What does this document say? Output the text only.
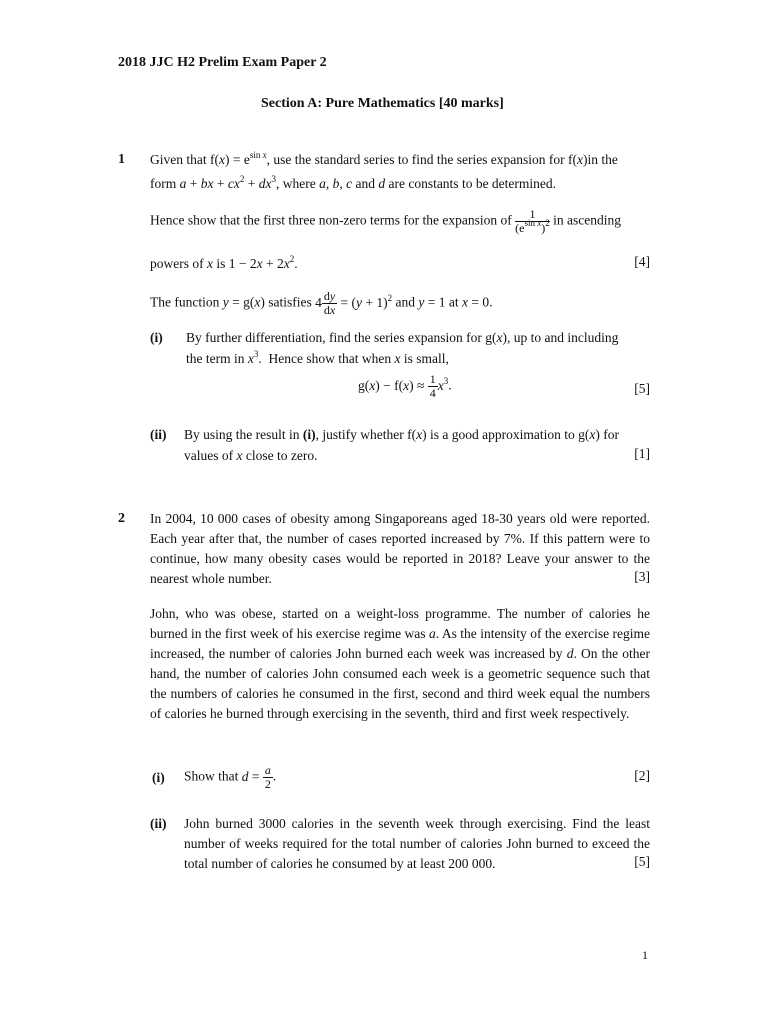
2018 JJC H2 Prelim Exam Paper 2
Section A: Pure Mathematics [40 marks]
1 Given that $f(x) = e^{sin x}$, use the standard series to find the series expansion for f(x)in the
form a + bx + $cx^2 + dx^3$, where a, b, c and d are constants to be determined.
Hence show that the first three non-zero terms for the expansion of $\frac{1}{(e^{sin x})^2}$ in ascending
powers of x is $1 - 2x + 2x^2$.	[4]
The function y = g(x) satisfies $4 \frac{dy}{dx} = (y + 1)^2$ and y = 1 at x = 0.
(i) By further differentiation, find the series expansion for g(x), up to and including
the term in $x^3$.  Hence show that when x is small,
$g(x) - f(x) \approx \frac{1}{4} x^3$.	[5]
(ii) By using the result in (i), justify whether f(x) is a good approximation to g(x) for
values of x close to zero.	[1]
2 In 2004, 10 000 cases of obesity among Singaporeans aged 18-30 years old were reported. Each year after that, the number of cases reported increased by 7%. If this pattern were to continue, how many obesity cases would be reported in 2018? Leave your answer to the nearest whole number.	[3]
John, who was obese, started on a weight-loss programme. The number of calories he burned in the first week of his exercise regime was a. As the intensity of the exercise regime increased, the number of calories John burned each week was increased by d. On the other hand, the number of calories John consumed each week is a geometric sequence such that the numbers of calories he consumed in the first, second and third week equal the numbers of calories he burned through exercising in the seventh, third and first week respectively.
(i) Show that $d = \frac{a}{2}$ .	[2]
(ii) John burned 3000 calories in the seventh week through exercising. Find the least number of weeks required for the total number of calories John burned to exceed the total number of calories he consumed by at least 200 000.	[5]
1
